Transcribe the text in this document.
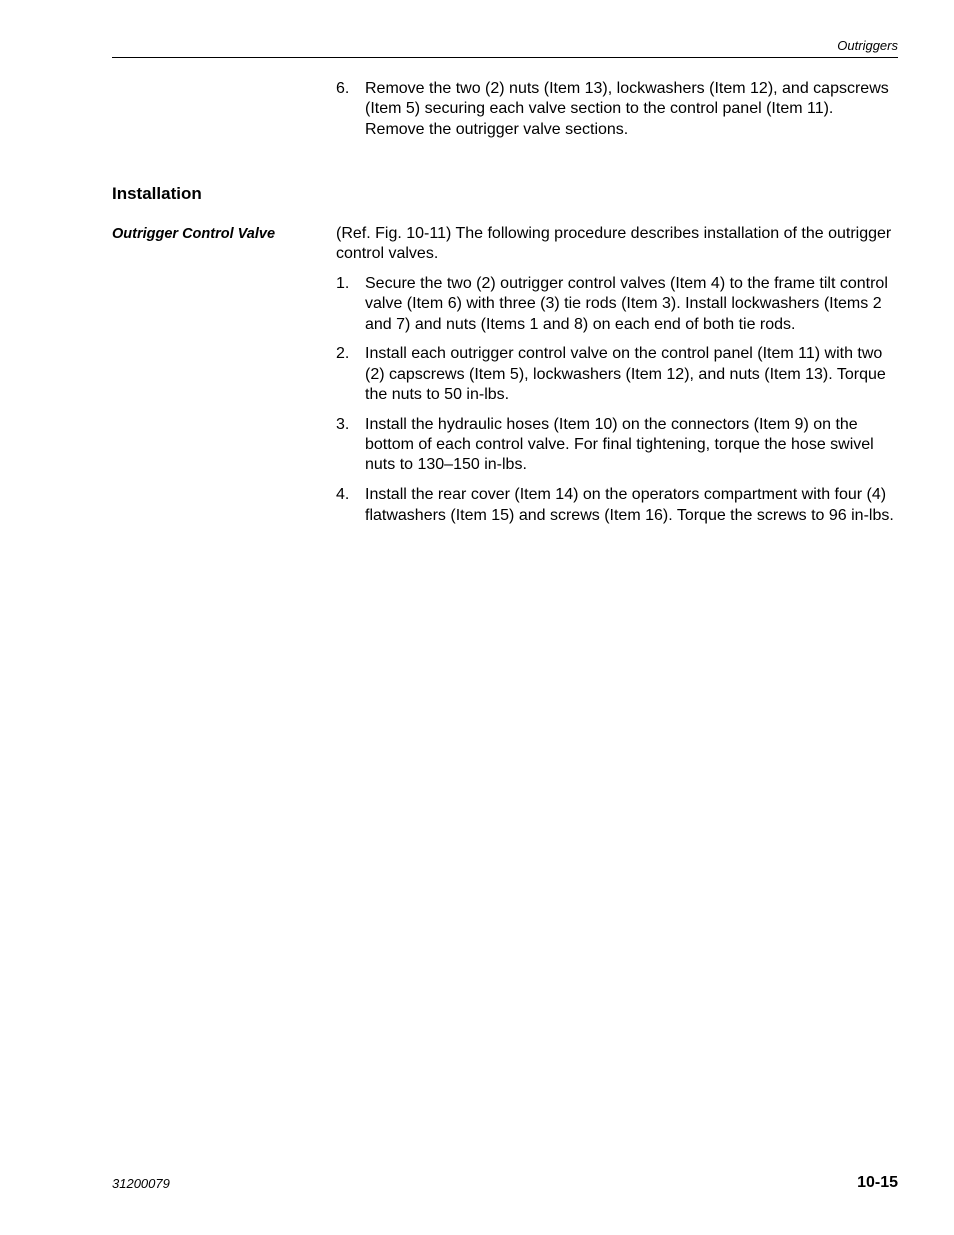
Outriggers
6. Remove the two (2) nuts (Item 13), lockwashers (Item 12), and capscrews (Item 5) securing each valve section to the control panel (Item 11). Remove the outrigger valve sections.
Installation
Outrigger Control Valve	(Ref. Fig. 10-11) The following procedure describes installation of the outrigger control valves.

1. Secure the two (2) outrigger control valves (Item 4) to the frame tilt control valve (Item 6) with three (3) tie rods (Item 3). Install lockwashers (Items 2 and 7) and nuts (Items 1 and 8) on each end of both tie rods.
2. Install each outrigger control valve on the control panel (Item 11) with two (2) capscrews (Item 5), lockwashers (Item 12), and nuts (Item 13). Torque the nuts to 50 in-lbs.
3. Install the hydraulic hoses (Item 10) on the connectors (Item 9) on the bottom of each control valve. For final tightening, torque the hose swivel nuts to 130–150 in-lbs.
4. Install the rear cover (Item 14) on the operators compartment with four (4) flatwashers (Item 15) and screws (Item 16). Torque the screws to 96 in-lbs.
31200079	10-15
